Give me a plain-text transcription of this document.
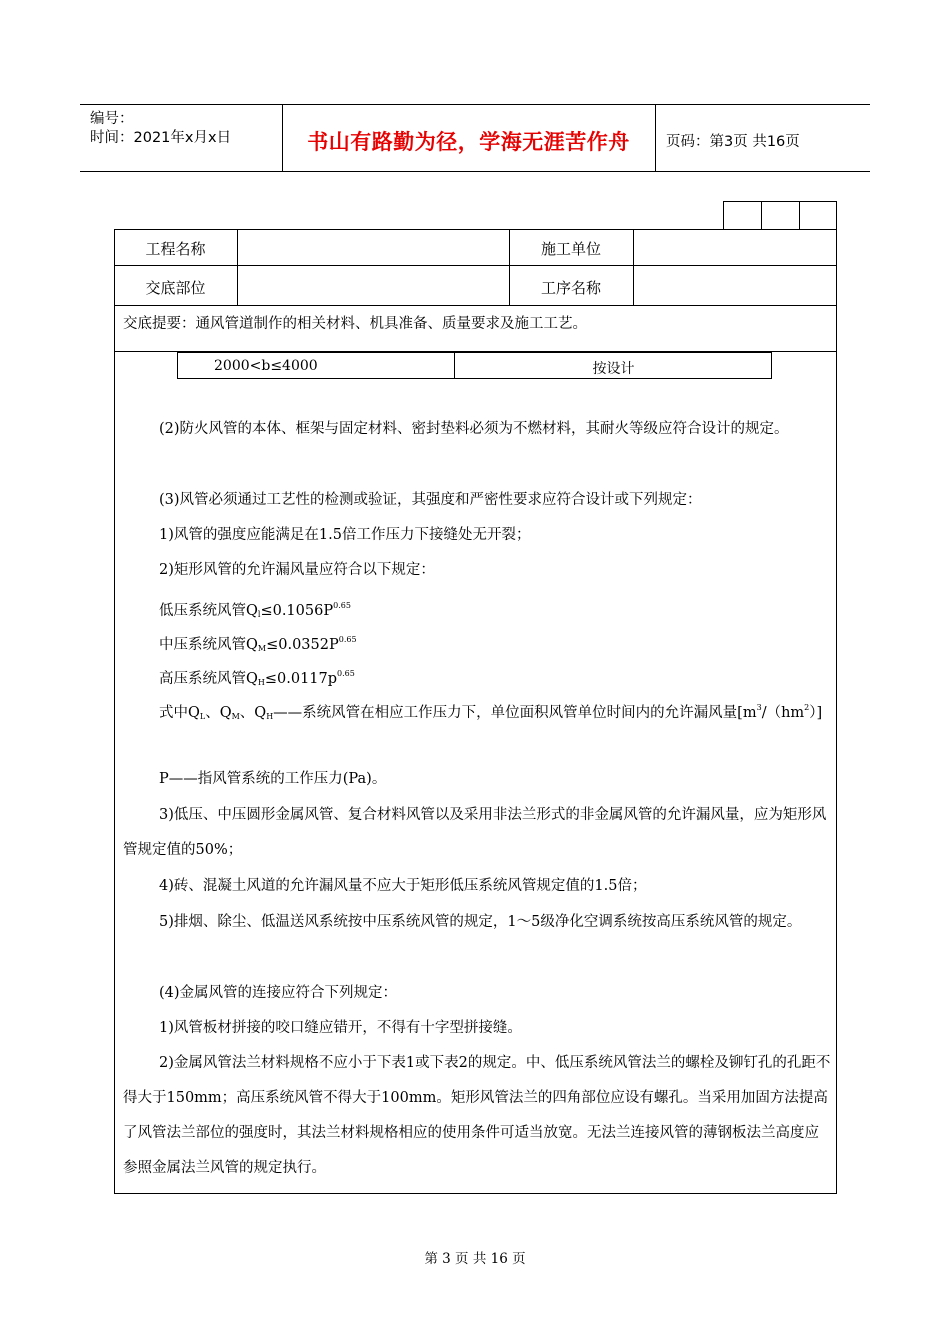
编号：
时间：2021年x月x日	书山有路勤为径，学海无涯苦作舟	页码：第3页 共16页
工程名称	施工单位
交底部位	工序名称
交底提要：通风管道制作的相关材料、机具准备、质量要求及施工工艺。
2000<b≤4000	按设计
(2)防火风管的本体、框架与固定材料、密封垫料必须为不燃材料，其耐火等级应符合设计的规定。
(3)风管必须通过工艺性的检测或验证，其强度和严密性要求应符合设计或下列规定：
1)风管的强度应能满足在1.5倍工作压力下接缝处无开裂；
2)矩形风管的允许漏风量应符合以下规定：
低压系统风管$Q_l\le 0.1056P^{0.65}$
中压系统风管$Q_M\le 0.0352P^{0.65}$
高压系统风管$Q_H\le 0.0117p^{0.65}$
式中$Q_L$、$Q_M$、$Q_H——$系统风管在相应工作压力下，单位面积风管单位时间内的允许漏风量$[m^3/(hm^2)]$
P——指风管系统的工作压力(Pa)。
3)低压、中压圆形金属风管、复合材料风管以及采用非法兰形式的非金属风管的允许漏风量，应为矩形风管规定值的50%；
4)砖、混凝土风道的允许漏风量不应大于矩形低压系统风管规定值的1.5倍；
5)排烟、除尘、低温送风系统按中压系统风管的规定，1～5级净化空调系统按高压系统风管的规定。
(4)金属风管的连接应符合下列规定：
1)风管板材拼接的咬口缝应错开，不得有十字型拼接缝。
2)金属风管法兰材料规格不应小于下表1或下表2的规定。中、低压系统风管法兰的螺栓及铆钉孔的孔距不得大于150mm；高压系统风管不得大于100mm。矩形风管法兰的四角部位应设有螺孔。当采用加固方法提高了风管法兰部位的强度时，其法兰材料规格相应的使用条件可适当放宽。无法兰连接风管的薄钢板法兰高度应参照金属法兰风管的规定执行。
第 3 页 共 16 页
